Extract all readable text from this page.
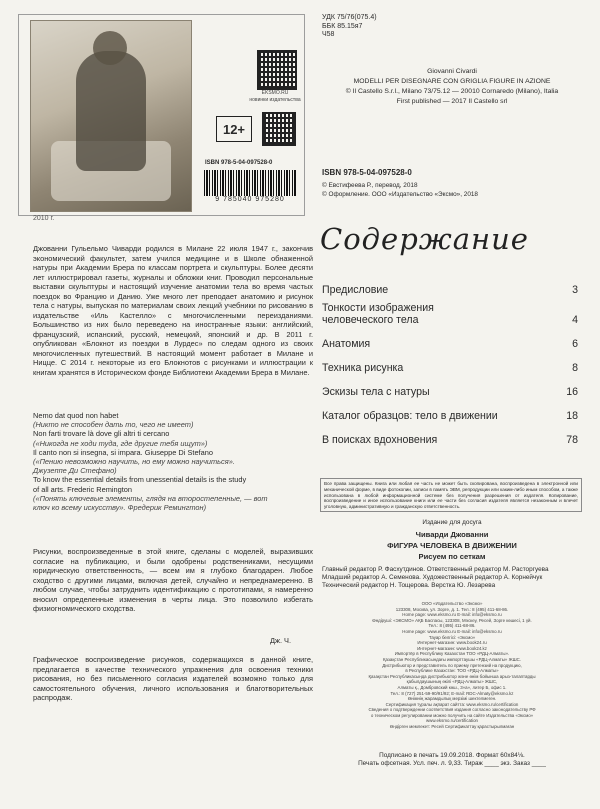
2010 г.
EKSMO.RU
новинки издательства
12+
ISBN 978-5-04-097528-0
9 785040 975280
Джованни Гульельмо Чиварди родился в Милане 22 июля 1947 г., закончив экономический факультет, затем учился медицине и в Школе обнаженной натуры при Академии Брера по классам портрета и скульптуры. Более десяти лет иллюстрировал газеты, журналы и обложки книг. Проводил персональные выставки скульптуры и настоящий изучение анатомии тела во время частых поездок во Францию и Данию. Уже много лет преподает анатомию и рисунок тела с натуры, выпуская по материалам своих лекций учебники по рисованию в издательстве «Иль Кастелло» с многочисленными переизданиями. Большинство из них было переведено на иностранные языки: английский, французский, испанский, русский, немецкий, японский и др. В 2011 г. опубликован «Блокнот из поездки в Лурдес» по следам одного из своих многочисленных путешествий. В настоящий момент работает в Милане и Ницце. С 2014 г. некоторые из его Блокнотов с рисунками и иллюстрации к книгам хранятся в Историческом фонде Библиотеки Академии Брера в Милане.
Nemo dat quod non habet
(Никто не способен дать то, чего не имеет)
Non farti trovare là dove gli altri ti cercano
(«Никогда не ходи туда, где другие тебя ищут»)
Il canto non si insegna, si impara. Giuseppe Di Stefano
(«Пению невозможно научить, но ему можно научиться».
Джузеппе Ди Стефано)
To know the essential details from unessential details is the study
of all arts. Frederic Remington
(«Понять ключевые элементы, глядя на второстепенные, — вот
ключ ко всему искусству». Фредерик Ремингтон)
Рисунки, воспроизведенные в этой книге, сделаны с моделей, выразивших согласие на публикацию, и были одобрены родственниками, несущими юридическую ответственность, — всем им я глубоко благодарен. Любое сходство с другими лицами, включая детей, случайно и непреднамеренно. В любом случае, чтобы затруднить идентификацию с прототипами, я намеренно вносил определенные изменения в черты лица. Это позволило избегать физиогномического сходства.
Дж. Ч.
Графическое воспроизведение рисунков, содержащихся в данной книге, предлагается в качестве технического упражнения для освоения техники рисования, но без письменного согласия издателей возможно только для самостоятельного обучения, личного использования и благотворительных распродаж.
УДК 75/76(075.4)
ББК 85.15я7
Ч58
Giovanni Civardi
MODELLI PER DISEGNARE CON GRIGLIA FIGURE IN AZIONE
© Il Castello S.r.l., Milano 73/75.12 — 20010 Cornaredo (Milano), Italia
First published — 2017 Il Castello srl
ISBN 978-5-04-097528-0
© Евстифеева Р., перевод, 2018
© Оформление. ООО «Издательство «Эксмо», 2018
Содержание
Предисловие	3
Тонкости изображения
человеческого тела	4
Анатомия	6
Техника рисунка	8
Эскизы тела с натуры	16
Каталог образцов: тело в движении	18
В поисках вдохновения	78
Все права защищены. Книга или любая ее часть не может быть скопирована, воспроизведена в электронной или механической форме, в виде фотокопии, записи в память ЭВМ, репродукции или каким-либо иным способом, а также использована в любой информационной системе без получения разрешения от издателя. Копирование, воспроизведение и иное использование книги или ее части без согласия издателя является незаконным и влечет уголовную, административную и гражданскую ответственность.
Издание для досуга
Чиварди Джованни
ФИГУРА ЧЕЛОВЕКА В ДВИЖЕНИИ
Рисуем по сеткам
Главный редактор Р. Фасхутдинов. Ответственный редактор М. Расторгуева
Младший редактор А. Семенова. Художественный редактор А. Корнейчук
Технический редактор Н. Тощерова. Верстка Ю. Лезарева
ООО «Издательство «Эксмо»
123308, Москва, ул. Зорге, д. 1. Тел.: 8 (495) 411-68-86.
Home page: www.eksmo.ru E-mail: info@eksmo.ru
Өндіруші: «ЭКСМО» АҚБ Баспасы, 123308, Мәскеу, Ресей, Зорге көшесі, 1 үй.
Тел.: 8 (495) 411-68-86.
Home page: www.eksmo.ru E-mail: info@eksmo.ru
Тауар белгісі: «Эксмо»
Интернет-магазин: www.book24.ru
Интернет-магазин: www.book24.kz
Импортёр в Республику Казахстан ТОО «РДЦ-Алматы».
Қазақстан Республикасындағы импорттаушы «РДЦ-Алматы» ЖШС.
Дистрибьютор и представитель по приему претензий на продукцию,
в Республике Казахстан: ТОО «РДЦ-Алматы»
Қазақстан Республикасында дистрибьютор және өнім бойынша арыз-талаптарды
қабылдаушының өкілі «РДЦ-Алматы» ЖШС,
Алматы қ., Домбровский көш., 3«а», литер Б, офис 1.
Тел.: 8 (727) 251-59-90/91/92; E-mail: RDC-Almaty@eksmo.kz
Өнімнің жарамдылық мерзімі шектелмеген.
Сертификация туралы ақпарат сайтта: www.eksmo.ru/certification
Сведения о подтверждении соответствия издания согласно законодательству РФ
о техническом регулировании можно получить на сайте Издательства «Эксмо»
www.eksmo.ru/certification
Өндірген мемлекет: Ресей Сертификаттау қарастырылмаған
Подписано в печать 19.09.2018. Формат 60x84⅛.
Печать офсетная. Усл. печ. л. 9,33. Тираж ____ экз. Заказ ____
